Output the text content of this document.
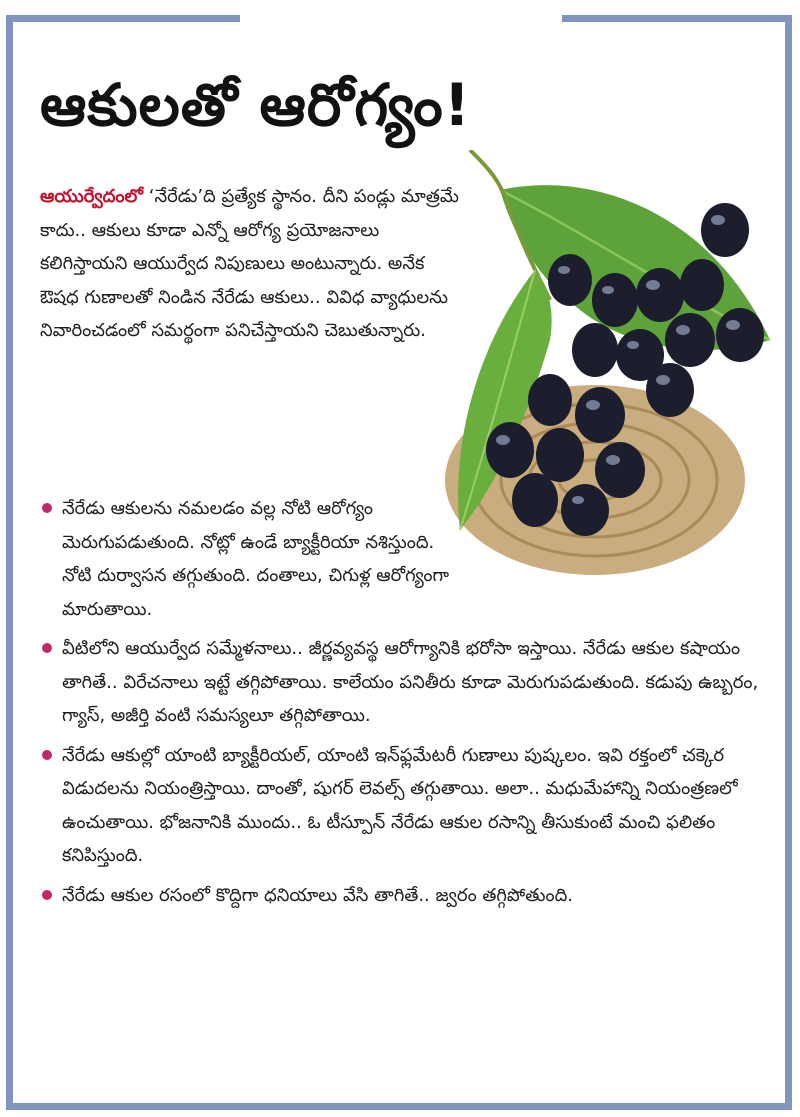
ఆకులతో ఆరోగ్యం!

ఆయుర్వేదంలో ‘నేరేడు’ది ప్రత్యేక స్థానం. దీని పండ్లు మాత్రమే కాదు.. ఆకులు కూడా ఎన్నో ఆరోగ్య ప్రయోజనాలు కలిగిస్తాయని ఆయుర్వేద నిపుణులు అంటున్నారు. అనేక ఔషధ గుణాలతో నిండిన నేరేడు ఆకులు.. వివిధ వ్యాధులను నివారించడంలో సమర్థంగా పనిచేస్తాయని చెబుతున్నారు.

నేరేడు ఆకులను నమలడం వల్ల నోటి ఆరోగ్యం మెరుగుపడుతుంది. నోట్లో ఉండే బ్యాక్టీరియా నశిస్తుంది. నోటి దుర్వాసన తగ్గుతుంది. దంతాలు, చిగుళ్ల ఆరోగ్యంగా మారుతాయి.
వీటిలోని ఆయుర్వేద సమ్మేళనాలు.. జీర్ణవ్యవస్థ ఆరోగ్యానికి భరోసా ఇస్తాయి. నేరేడు ఆకుల కషాయం తాగితే.. విరేచనాలు ఇట్టే తగ్గిపోతాయి. కాలేయం పనితీరు కూడా మెరుగుపడుతుంది. కడుపు ఉబ్బరం, గ్యాస్, అజీర్తి వంటి సమస్యలూ తగ్గిపోతాయి.
నేరేడు ఆకుల్లో యాంటి బ్యాక్టీరియల్, యాంటి ఇన్‌ఫ్లమేటరీ గుణాలు పుష్కలం. ఇవి రక్తంలో చక్కెర విడుదలను నియంత్రిస్తాయి. దాంతో, షుగర్ లెవల్స్ తగ్గుతాయి. అలా.. మధుమేహాన్ని నియంత్రణలో ఉంచుతాయి. భోజనానికి ముందు.. ఓ టీస్పూన్ నేరేడు ఆకుల రసాన్ని తీసుకుంటే మంచి ఫలితం కనిపిస్తుంది.
నేరేడు ఆకుల రసంలో కొద్దిగా ధనియాలు వేసి తాగితే.. జ్వరం తగ్గిపోతుంది.
